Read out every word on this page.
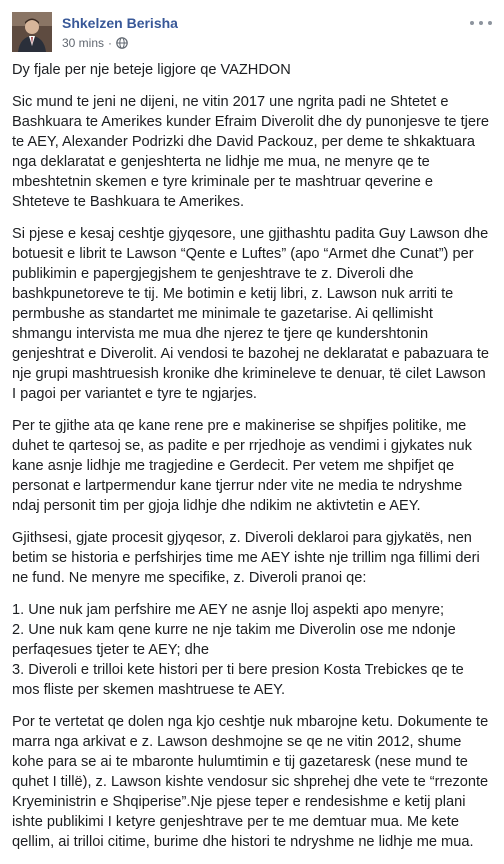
Shkelzen Berisha
30 mins ·

Dy fjale per nje beteje ligjore qe VAZHDON

Sic mund te jeni ne dijeni, ne vitin 2017 une ngrita padi ne Shtetet e Bashkuara te Amerikes kunder Efraim Diverolit dhe dy punonjesve te tjere te AEY, Alexander Podrizki dhe David Packouz, per deme te shkaktuara nga deklaratat e genjeshterta ne lidhje me mua, ne menyre qe te mbeshtetnin skemen e tyre kriminale per te mashtruar qeverine e Shteteve te Bashkuara te Amerikes.

Si pjese e kesaj ceshtje gjyqesore, une gjithashtu padita Guy Lawson dhe botuesit e librit te Lawson “Qente e Luftes” (apo “Armet dhe Cunat”) per publikimin e papergjegjshem te genjeshtrave te z. Diveroli dhe bashkpunetoreve te tij. Me botimin e ketij libri, z. Lawson nuk arriti te permbushe as standartet me minimale te gazetarise. Ai qellimisht shmangu intervista me mua dhe njerez te tjere qe kundershtonin genjeshtrat e Diverolit. Ai vendosi te bazohej ne deklaratat e pabazuara te nje grupi mashtruesish kronike dhe krimineleve te denuar, të cilet Lawson I pagoi per variantet e tyre te ngjarjes.

Per te gjithe ata qe kane rene pre e makinerise se shpifjes politike, me duhet te qartesoj se, as padite e per rrjedhoje as vendimi i gjykates nuk kane asnje lidhje me tragjedine e Gerdecit. Per vetem me shpifjet qe personat e lartpermendur kane tjerrur nder vite ne media te ndryshme ndaj personit tim per gjoja lidhje dhe ndikim ne aktivtetin e AEY.

Gjithsesi, gjate procesit gjyqesor, z. Diveroli deklaroi para gjykatës, nen betim se historia e perfshirjes time me AEY ishte nje trillim nga fillimi deri ne fund. Ne menyre me specifike, z. Diveroli pranoi qe:

1. Une nuk jam perfshire me AEY ne asnje lloj aspekti apo menyre;

2. Une nuk kam qene kurre ne nje takim me Diverolin ose me ndonje perfaqesues tjeter te AEY; dhe

3. Diveroli e trilloi kete histori per ti bere presion Kosta Trebickes qe te mos fliste per skemen mashtruese te AEY.

Por te vertetat qe dolen nga kjo ceshtje nuk mbarojne ketu. Dokumente te marra nga arkivat e z. Lawson deshmojne se qe ne vitin 2012, shume kohe para se ai te mbaronte hulumtimin e tij gazetaresk (nese mund te quhet I tillë), z. Lawson kishte vendosur sic shprehej dhe vete te “rrezonte Kryeministrin e Shqiperise”.Nje pjese teper e rendesishme e ketij plani ishte publikimi I ketyre genjeshtrave per te me demtuar mua. Me kete qellim, ai trilloi citime, burime dhe histori te ndryshme ne lidhje me mua.
